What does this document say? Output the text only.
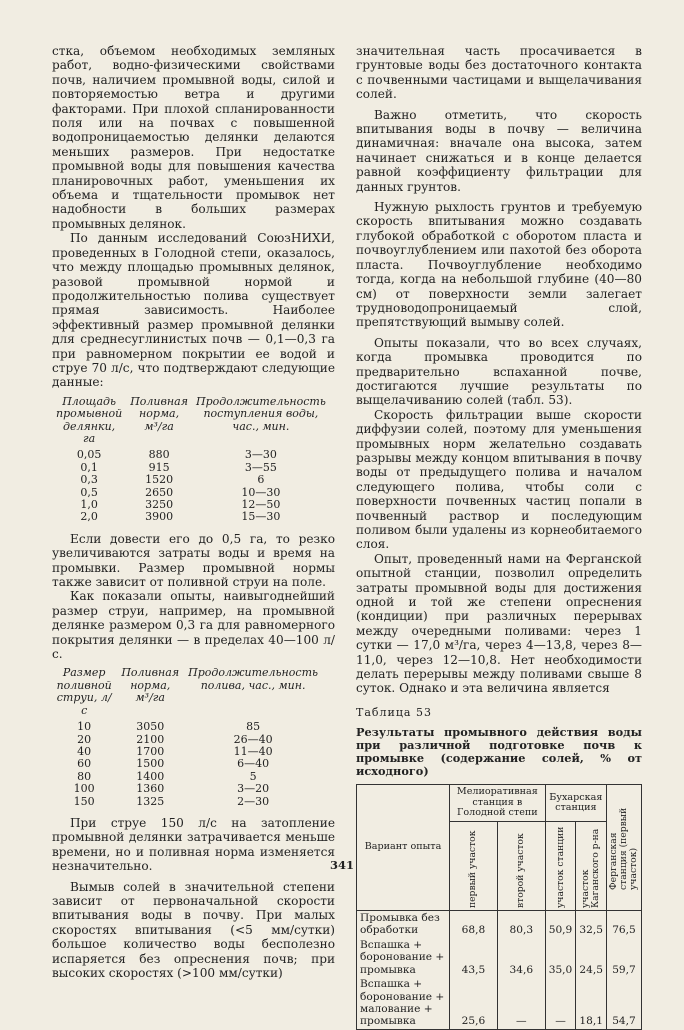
стка, объемом необходимых земляных работ, водно-физическими свойствами почв, наличием промывной воды, силой и повторяемостью ветра и другими факторами. При плохой спланированности поля или на почвах с повышенной водопроницаемостью делянки делаются меньших размеров. При недостатке промывной воды для повышения качества планировочных работ, уменьшения их объема и тщательности промывок нет надобности в больших размерах промывных делянок.

По данным исследований СоюзНИХИ, проведенных в Голодной степи, оказалось, что между площадью промывных делянок, разовой промывной нормой и продолжительностью полива существует прямая зависимость. Наиболее эффективный размер промывной делянки для среднесуглинистых почв — 0,1—0,3 га при равномерном покрытии ее водой и струе 70 л/с, что подтверждают следующие данные:

Площадь промывной делянки, га	Поливная норма, м³/га	Продолжительность поступления воды, час., мин.
0,05	880	3—30
0,1	915	3—55
0,3	1520	6
0,5	2650	10—30
1,0	3250	12—50
2,0	3900	15—30

Если довести его до 0,5 га, то резко увеличиваются затраты воды и время на промывки. Размер промывной нормы также зависит от поливной струи на поле.

Как показали опыты, наивыгоднейший размер струи, например, на промывной делянке размером 0,3 га для равномерного покрытия делянки — в пределах 40—100 л/с.

Размер поливной струи, л/с	Поливная норма, м³/га	Продолжительность полива, час., мин.
10	3050	85
20	2100	26—40
40	1700	11—40
60	1500	6—40
80	1400	5
100	1360	3—20
150	1325	2—30

При струе 150 л/с на затопление промывной делянки затрачивается меньше времени, но и поливная норма изменяется незначительно.

Вымыв солей в значительной степени зависит от первоначальной скорости впитывания воды в почву. При малых скоростях впитывания (<5 мм/сутки) большое количество воды бесполезно испаряется без опреснения почв; при высоких скоростях (>100 мм/сутки)

значительная часть просачивается в грунтовые воды без достаточного контакта с почвенными частицами и выщелачивания солей.

Важно отметить, что скорость впитывания воды в почву — величина динамичная: вначале она высока, затем начинает снижаться и в конце делается равной коэффициенту фильтрации для данных грунтов.

Нужную рыхлость грунтов и требуемую скорость впитывания можно создавать глубокой обработкой с оборотом пласта и почвоуглублением или пахотой без оборота пласта. Почвоуглубление необходимо тогда, когда на небольшой глубине (40—80 см) от поверхности земли залегает трудноводопроницаемый слой, препятствующий вымыву солей.

Опыты показали, что во всех случаях, когда промывка проводится по предварительно вспаханной почве, достигаются лучшие результаты по выщелачиванию солей (табл. 53).

Скорость фильтрации выше скорости диффузии солей, поэтому для уменьшения промывных норм желательно создавать разрывы между концом впитывания в почву воды от предыдущего полива и началом следующего полива, чтобы соли с поверхности почвенных частиц попали в почвенный раствор и последующим поливом были удалены из корнеобитаемого слоя.

Опыт, проведенный нами на Ферганской опытной станции, позволил определить затраты промывной воды для достижения одной и той же степени опреснения (кондиции) при различных перерывах между очередными поливами: через 1 сутки — 17,0 м³/га, через 4—13,8, через 8—11,0, через 12—10,8. Нет необходимости делать перерывы между поливами свыше 8 суток. Однако и эта величина является

Таблица 53

Результаты промывного действия воды при различной подготовке почв к промывке (содержание солей, % от исходного)

Вариант опыта	Мелиоративная станция в Голодной степи		Бухарская станция		Ферганская станция (первый участок)

	первый участок	второй участок	участок станции	участок Каганского р-на	

Промывка без обработки	68,8	80,3	50,9	32,5	76,5
Вспашка + боронование + промывка	43,5	34,6	35,0	24,5	59,7
Вспашка + боронование + малование + промывка	25,6	—	—	18,1	54,7
341
